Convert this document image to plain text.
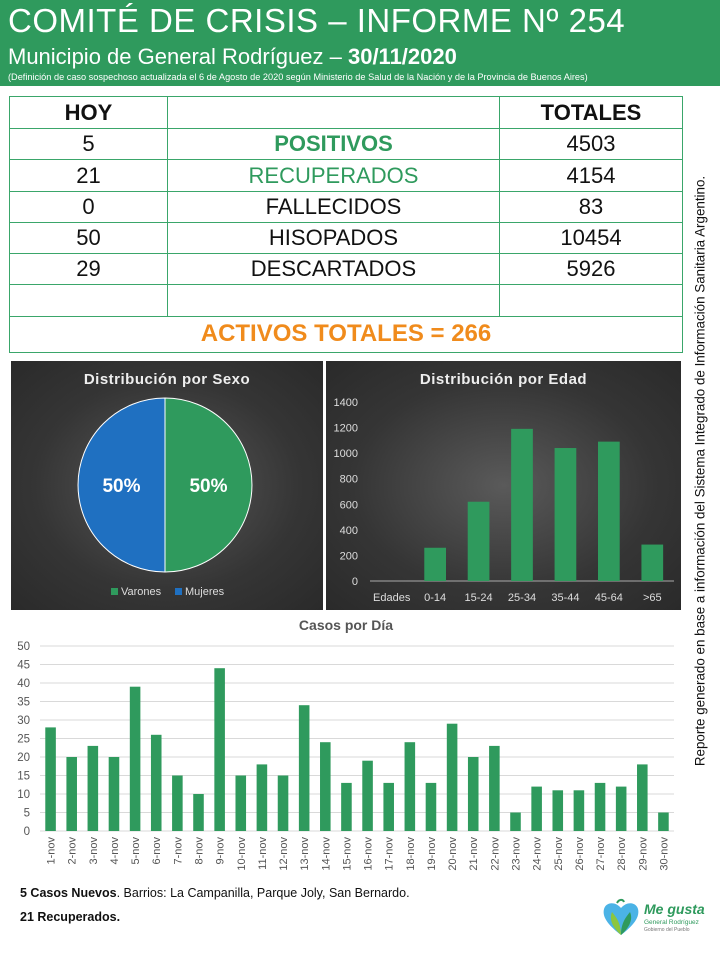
COMITÉ DE CRISIS – INFORME Nº 254
Municipio de General Rodríguez – 30/11/2020
(Definición de caso sospechoso actualizada el 6 de Agosto de 2020 según Ministerio de Salud de la Nación y de la Provincia de Buenos Aires)
HOY		TOTALES
5	POSITIVOS	4503
21	RECUPERADOS	4154
0	FALLECIDOS	83
50	HISOPADOS	10454
29	DESCARTADOS	5926

ACTIVOS TOTALES = 266		
Distribución por Sexo
50%
50%
Varones Mujeres
Distribución por Edad
0
200
400
600
800
1000
1200
1400
Edades 0-14 15-24 25-34 35-44 45-64 >65
Casos por Día
0
5
10
15
20
25
30
35
40
45
50
1-nov 2-nov 3-nov 4-nov 5-nov 6-nov 7-nov 8-nov 9-nov 10-nov 11-nov 12-nov 13-nov 14-nov 15-nov 16-nov 17-nov 18-nov 19-nov 20-nov 21-nov 22-nov 23-nov 24-nov 25-nov 26-nov 27-nov 28-nov 29-nov 30-nov
Reporte generado en base a información del Sistema Integrado de Información Sanitaria Argentino.
5 Casos Nuevos. Barrios: La Campanilla, Parque Joly, San Bernardo.
21 Recuperados.	Me gusta
General Rodríguez
Gobierno del Pueblo
